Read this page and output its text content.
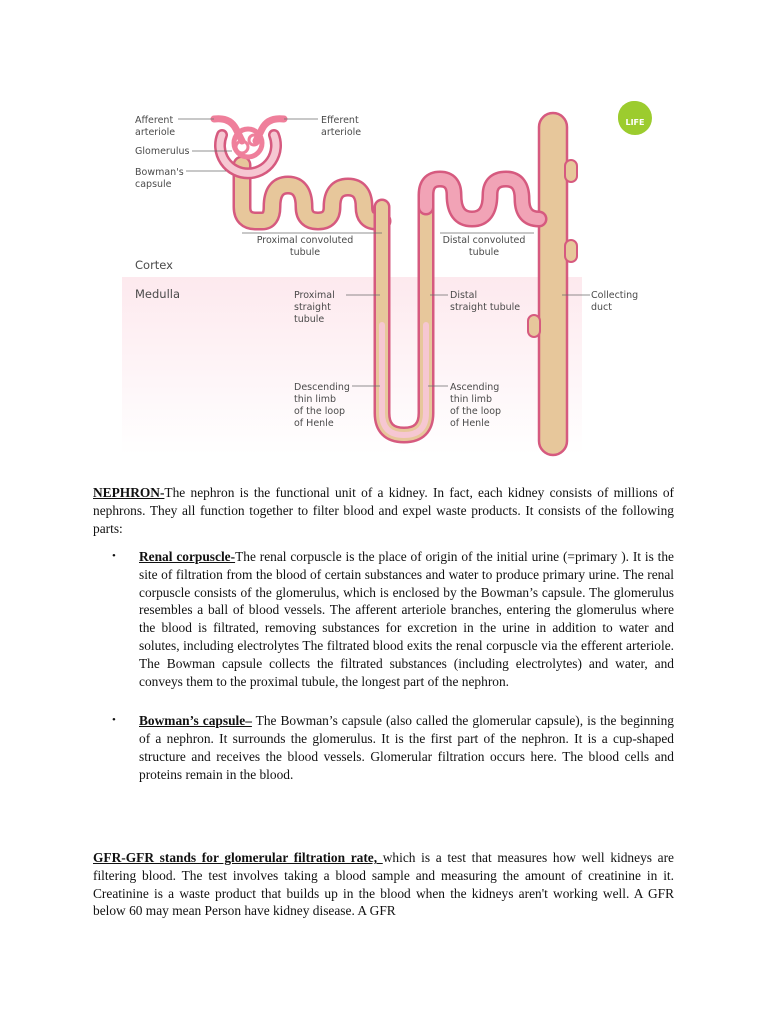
Afferent
arteriole
Efferent
arteriole
Glomerulus
Bowman's
capsule
Proximal convoluted
tubule
Distal convoluted
tubule
Cortex
Medulla	Proximal
straight
tubule
Distal
straight tubule
Collecting
duct
Descending
thin limb
of the loop
of Henle
Ascending
thin limb
of the loop
of Henle
LIFE
NEPHRON-The nephron is the functional unit of a kidney. In fact, each kidney consists of millions of nephrons. They all function together to filter blood and expel waste products. It consists of the following parts:
• Renal corpuscle-The renal corpuscle is the place of origin of the initial urine (=primary ). It is the site of filtration from the blood of certain substances and water to produce primary urine. The renal corpuscle consists of the glomerulus, which is enclosed by the Bowman’s capsule. The glomerulus resembles a ball of blood vessels. The afferent arteriole branches, entering the glomerulus where the blood is filtrated, removing substances for excretion in the urine in addition to water and solutes, including electrolytes The filtrated blood exits the renal corpuscle via the efferent arteriole. The Bowman capsule collects the filtrated substances (including electrolytes) and water, and conveys them to the proximal tubule, the longest part of the nephron.
• Bowman’s capsule– The Bowman’s capsule (also called the glomerular capsule), is the beginning of a nephron. It surrounds the glomerulus. It is the first part of the nephron. It is a cup-shaped structure and receives the blood vessels. Glomerular filtration occurs here. The blood cells and proteins remain in the blood.
GFR-GFR stands for glomerular filtration rate, which is a test that measures how well kidneys are filtering blood. The test involves taking a blood sample and measuring the amount of creatinine in it. Creatinine is a waste product that builds up in the blood when the kidneys aren't working well. A GFR below 60 may mean Person have kidney disease. A GFR
